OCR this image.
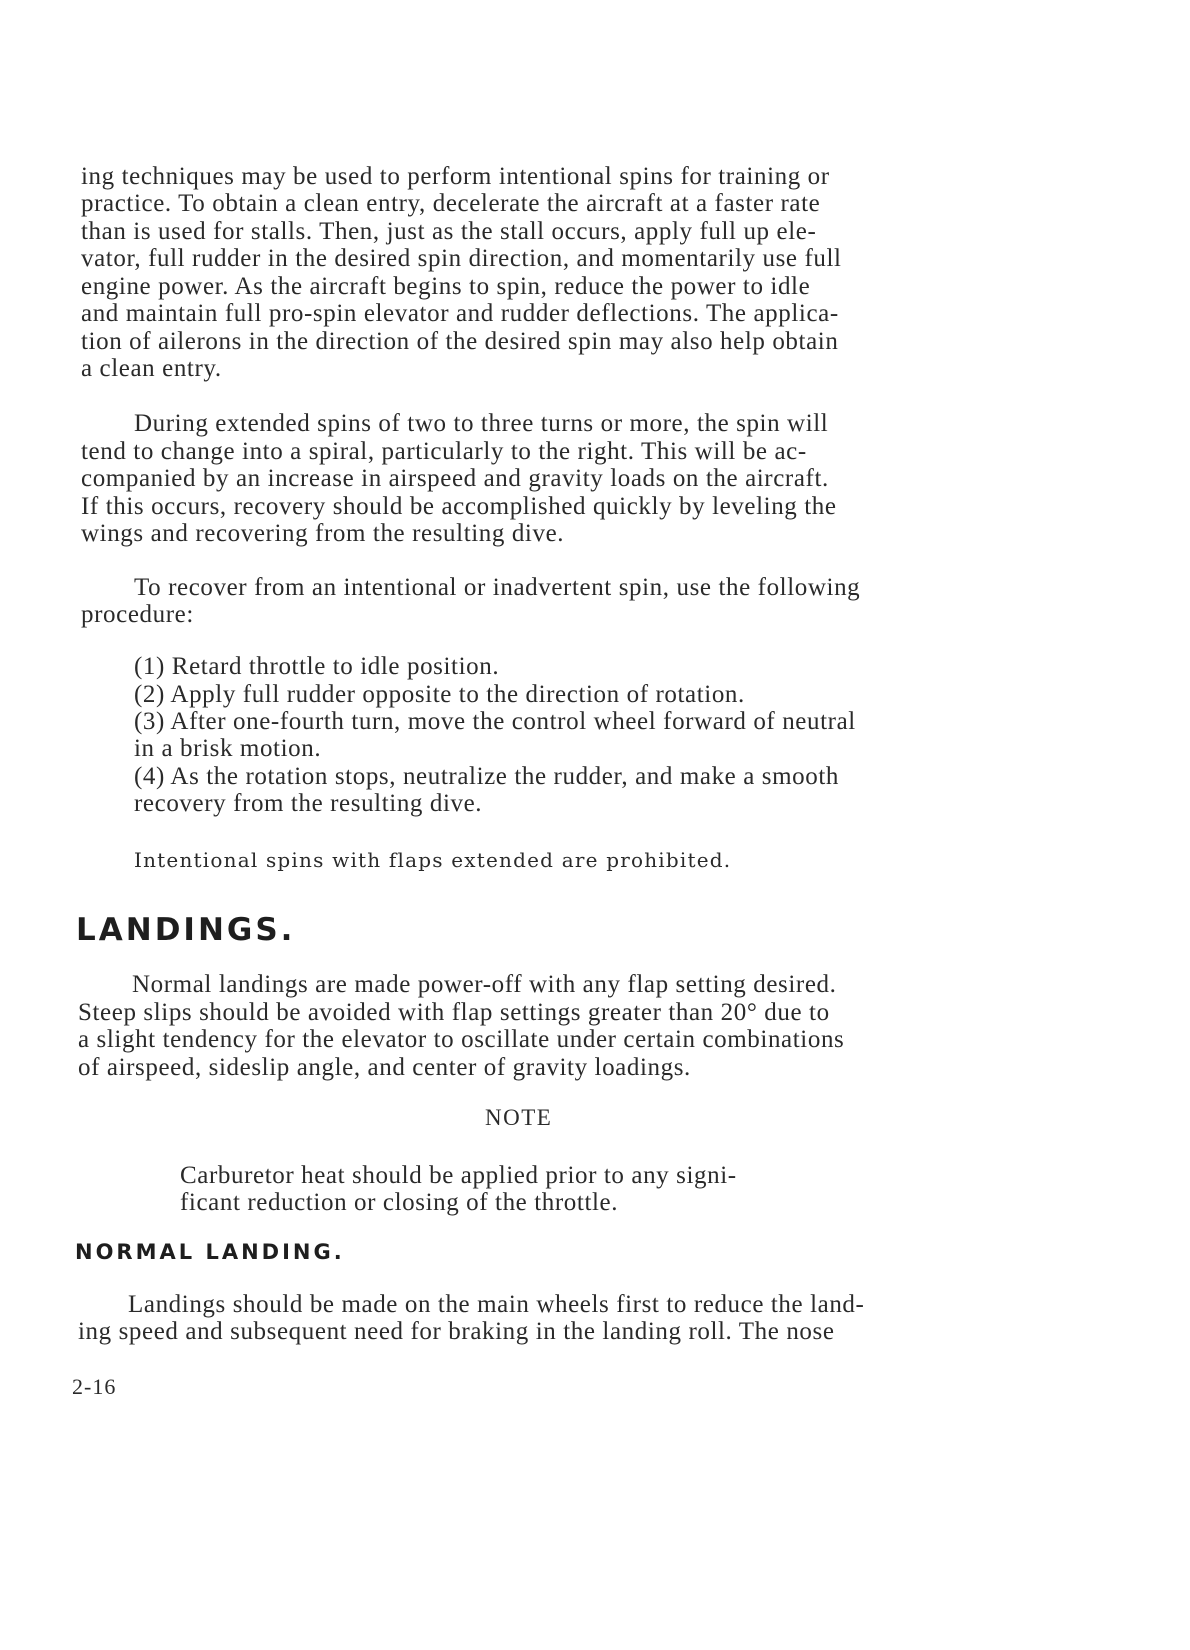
ing techniques may be used to perform intentional spins for training or
practice. To obtain a clean entry, decelerate the aircraft at a faster rate
than is used for stalls. Then, just as the stall occurs, apply full up ele-
vator, full rudder in the desired spin direction, and momentarily use full
engine power. As the aircraft begins to spin, reduce the power to idle
and maintain full pro-spin elevator and rudder deflections. The applica-
tion of ailerons in the direction of the desired spin may also help obtain
a clean entry.
During extended spins of two to three turns or more, the spin will
tend to change into a spiral, particularly to the right. This will be ac-
companied by an increase in airspeed and gravity loads on the aircraft.
If this occurs, recovery should be accomplished quickly by leveling the
wings and recovering from the resulting dive.
To recover from an intentional or inadvertent spin, use the following
procedure:
(1) Retard throttle to idle position.
(2) Apply full rudder opposite to the direction of rotation.
(3) After one-fourth turn, move the control wheel forward of neutral
in a brisk motion.
(4) As the rotation stops, neutralize the rudder, and make a smooth
recovery from the resulting dive.
Intentional spins with flaps extended are prohibited.
LANDINGS.
Normal landings are made power-off with any flap setting desired.
Steep slips should be avoided with flap settings greater than 20° due to
a slight tendency for the elevator to oscillate under certain combinations
of airspeed, sideslip angle, and center of gravity loadings.
NOTE
Carburetor heat should be applied prior to any signi-
ficant reduction or closing of the throttle.
NORMAL LANDING.
Landings should be made on the main wheels first to reduce the land-
ing speed and subsequent need for braking in the landing roll. The nose
2-16
